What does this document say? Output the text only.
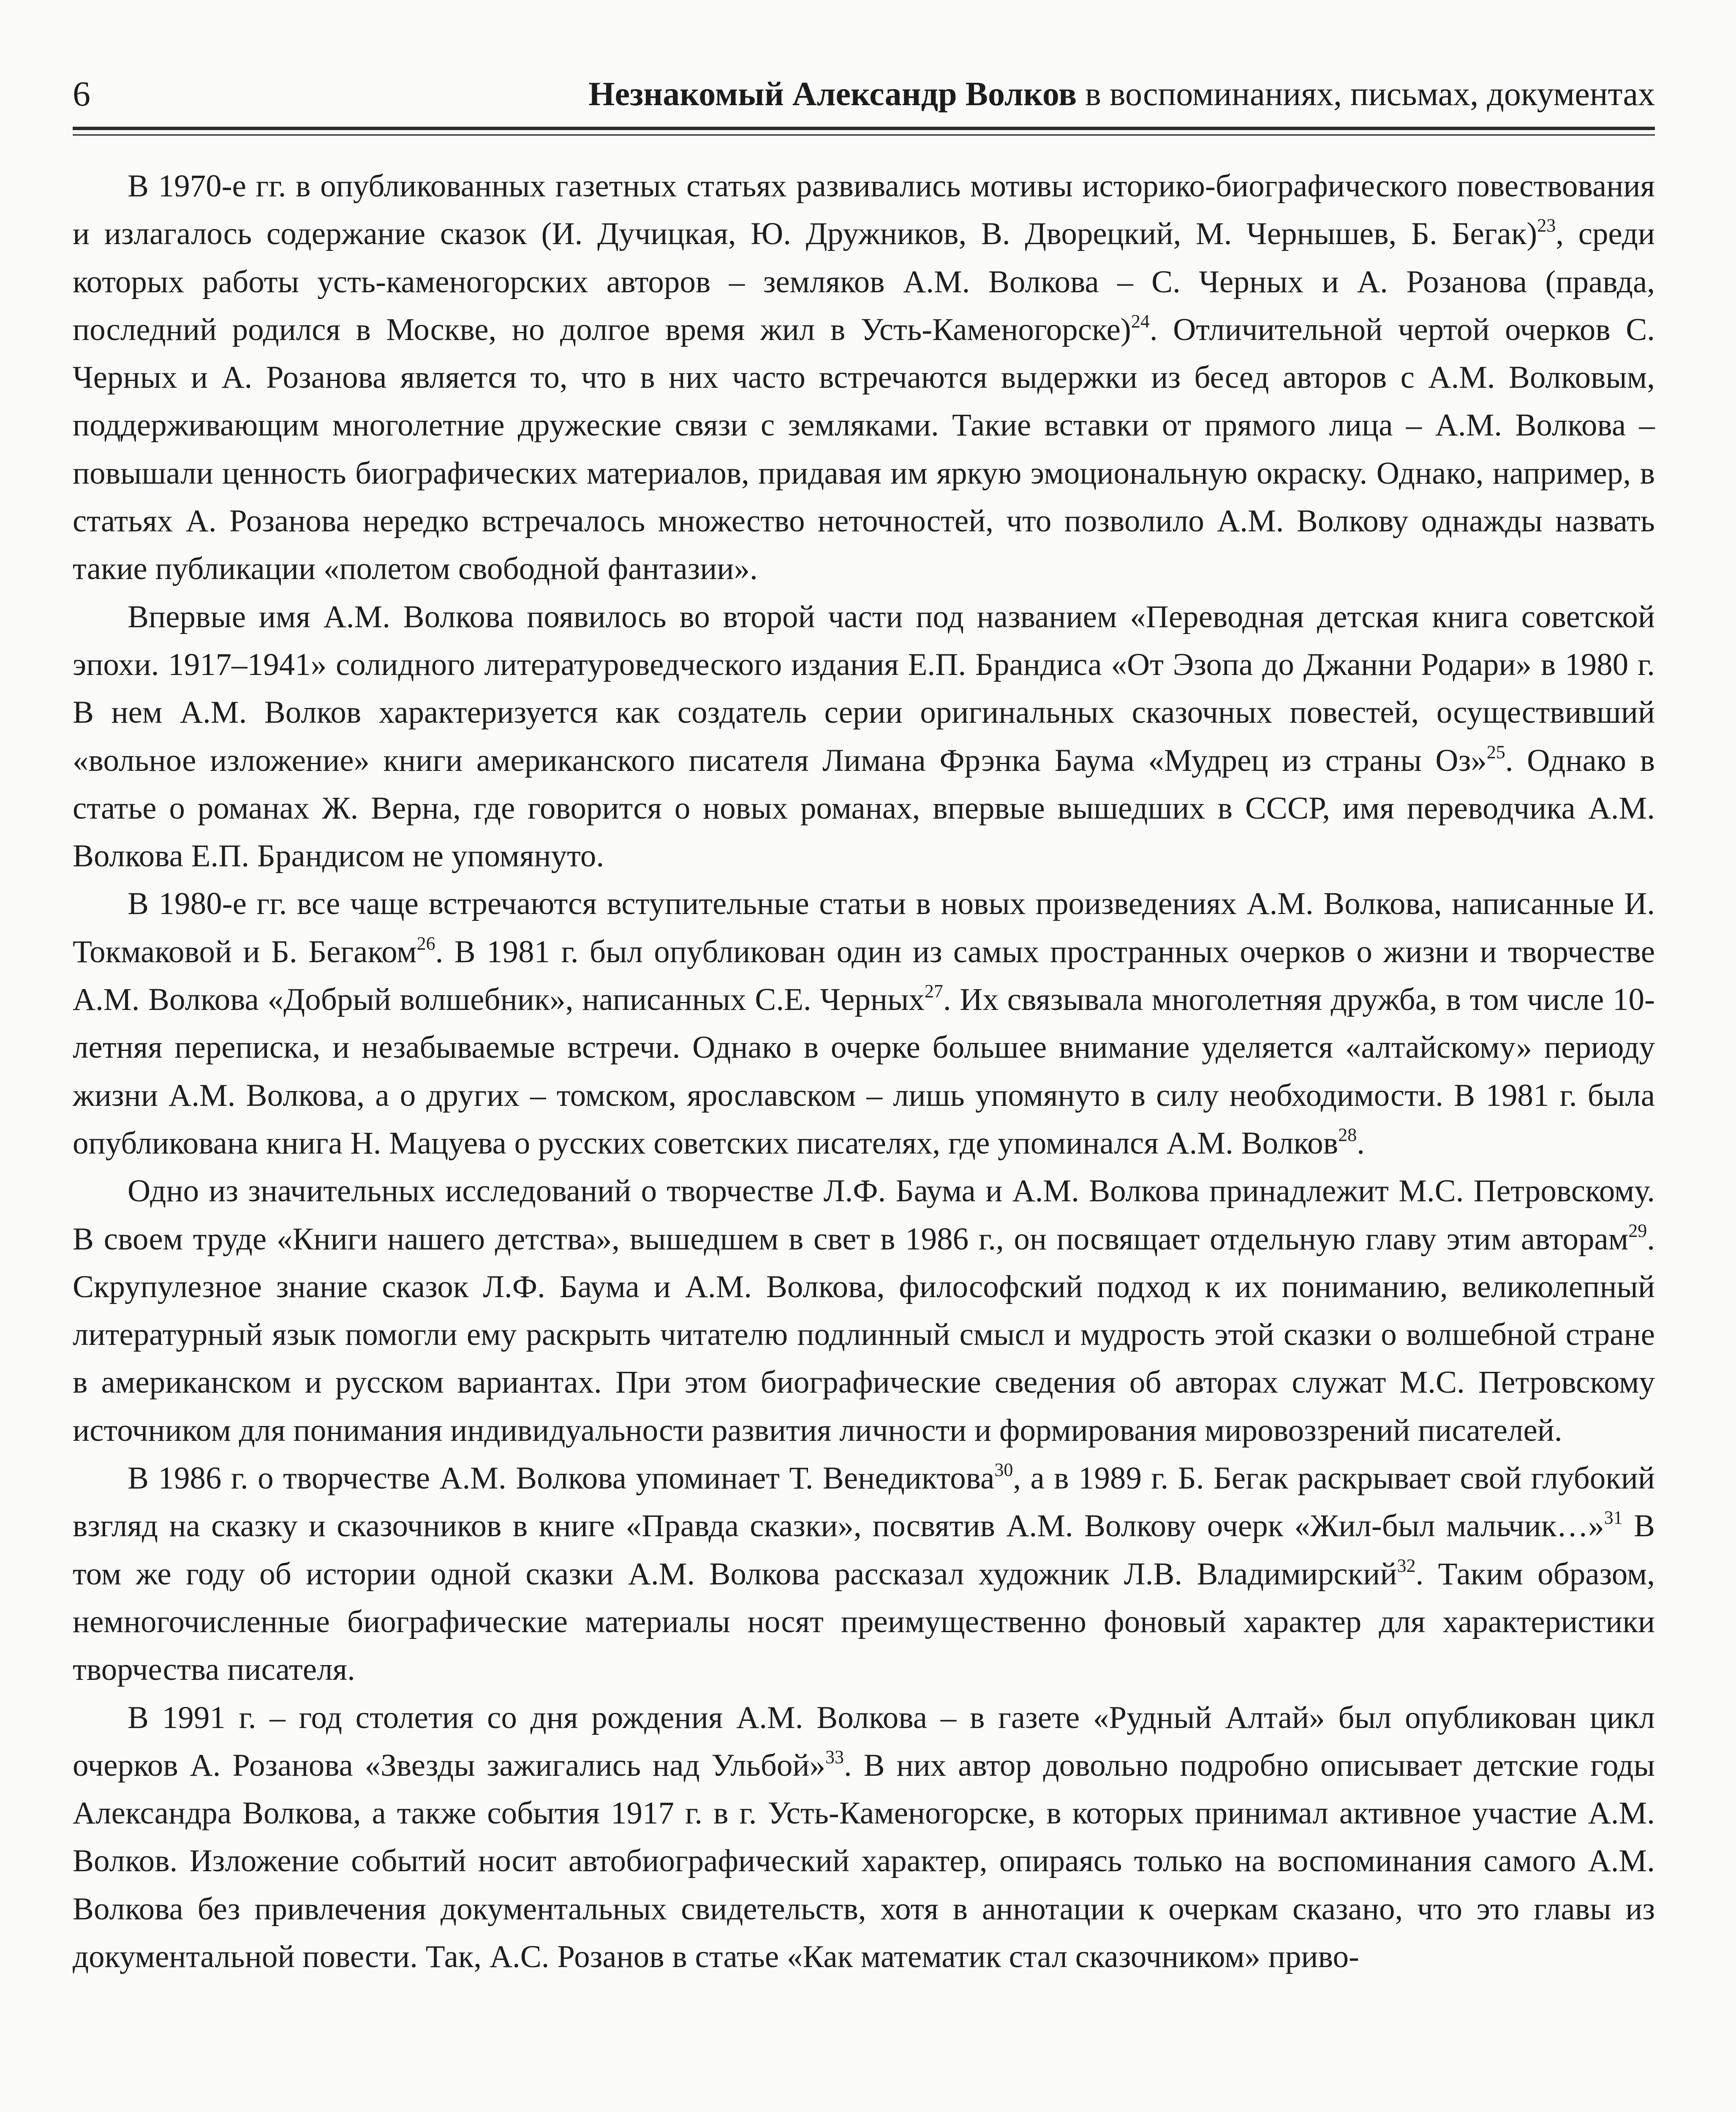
6	Незнакомый Александр Волков в воспоминаниях, письмах, документах

В 1970-е гг. в опубликованных газетных статьях развивались мотивы историко-биографического повествования и излагалось содержание сказок (И. Дучицкая, Ю. Дружников, В. Дворецкий, М. Чернышев, Б. Бегак)$^{23}$, среди которых работы усть-каменогорских авторов – земляков А.М. Волкова – С. Черных и А. Розанова (правда, последний родился в Москве, но долгое время жил в Усть-Каменогорске)$^{24}$. Отличительной чертой очерков С. Черных и А. Розанова является то, что в них часто встречаются выдержки из бесед авторов с А.М. Волковым, поддерживающим многолетние дружеские связи с земляками. Такие вставки от прямого лица – А.М. Волкова – повышали ценность биографических материалов, придавая им яркую эмоциональную окраску. Однако, например, в статьях А. Розанова нередко встречалось множество неточностей, что позволило А.М. Волкову однажды назвать такие публикации «полетом свободной фантазии».

Впервые имя А.М. Волкова появилось во второй части под названием «Переводная детская книга советской эпохи. 1917–1941» солидного литературоведческого издания Е.П. Брандиса «От Эзопа до Джанни Родари» в 1980 г. В нем А.М. Волков характеризуется как создатель серии оригинальных сказочных повестей, осуществивший «вольное изложение» книги американского писателя Лимана Фрэнка Баума «Мудрец из страны Оз»$^{25}$. Однако в статье о романах Ж. Верна, где говорится о новых романах, впервые вышедших в СССР, имя переводчика А.М. Волкова Е.П. Брандисом не упомянуто.

В 1980-е гг. все чаще встречаются вступительные статьи в новых произведениях А.М. Волкова, написанные И. Токмаковой и Б. Бегаком$^{26}$. В 1981 г. был опубликован один из самых пространных очерков о жизни и творчестве А.М. Волкова «Добрый волшебник», написанных С.Е. Черных$^{27}$. Их связывала многолетняя дружба, в том числе 10-летняя переписка, и незабываемые встречи. Однако в очерке большее внимание уделяется «алтайскому» периоду жизни А.М. Волкова, а о других – томском, ярославском – лишь упомянуто в силу необходимости. В 1981 г. была опубликована книга Н. Мацуева о русских советских писателях, где упоминался А.М. Волков$^{28}$.

Одно из значительных исследований о творчестве Л.Ф. Баума и А.М. Волкова принадлежит М.С. Петровскому. В своем труде «Книги нашего детства», вышедшем в свет в 1986 г., он посвящает отдельную главу этим авторам$^{29}$. Скрупулезное знание сказок Л.Ф. Баума и А.М. Волкова, философский подход к их пониманию, великолепный литературный язык помогли ему раскрыть читателю подлинный смысл и мудрость этой сказки о волшебной стране в американском и русском вариантах. При этом биографические сведения об авторах служат М.С. Петровскому источником для понимания индивидуальности развития личности и формирования мировоззрений писателей.

В 1986 г. о творчестве А.М. Волкова упоминает Т. Венедиктова$^{30}$, а в 1989 г. Б. Бегак раскрывает свой глубокий взгляд на сказку и сказочников в книге «Правда сказки», посвятив А.М. Волкову очерк «Жил-был мальчик…»$^{31}$ В том же году об истории одной сказки А.М. Волкова рассказал художник Л.В. Владимирский$^{32}$. Таким образом, немногочисленные биографические материалы носят преимущественно фоновый характер для характеристики творчества писателя.

В 1991 г. – год столетия со дня рождения А.М. Волкова – в газете «Рудный Алтай» был опубликован цикл очерков А. Розанова «Звезды зажигались над Ульбой»$^{33}$. В них автор довольно подробно описывает детские годы Александра Волкова, а также события 1917 г. в г. Усть-Каменогорске, в которых принимал активное участие А.М. Волков. Изложение событий носит автобиографический характер, опираясь только на воспоминания самого А.М. Волкова без привлечения документальных свидетельств, хотя в аннотации к очеркам сказано, что это главы из документальной повести. Так, А.С. Розанов в статье «Как математик стал сказочником» приво-
